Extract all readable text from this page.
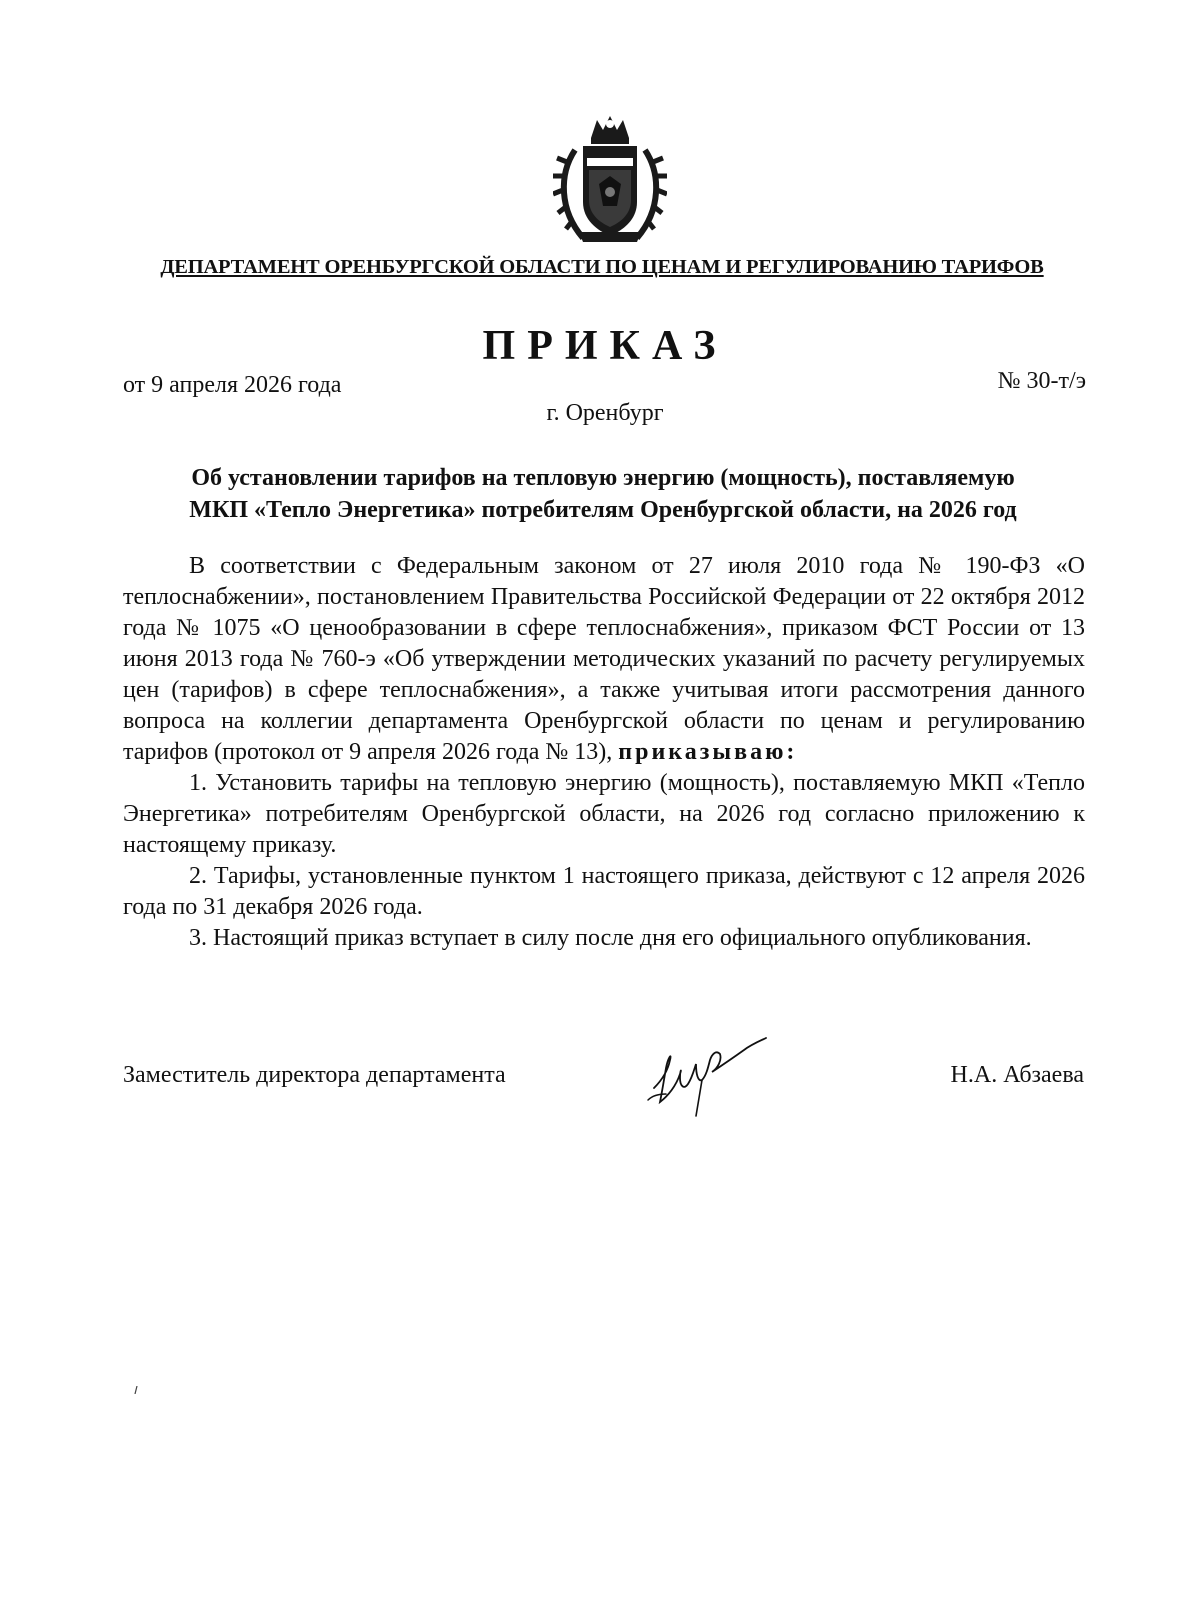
ДЕПАРТАМЕНТ ОРЕНБУРГСКОЙ ОБЛАСТИ ПО ЦЕНАМ И РЕГУЛИРОВАНИЮ ТАРИФОВ
ПРИКАЗ
от 9 апреля 2026 года	№ 30-т/э
г. Оренбург
Об установлении тарифов на тепловую энергию (мощность), поставляемую
МКП «Тепло Энергетика» потребителям Оренбургской области, на 2026 год

В соответствии с Федеральным законом от 27 июля 2010 года № 190-ФЗ «О теплоснабжении», постановлением Правительства Российской Федерации от 22 октября 2012 года № 1075 «О ценообразовании в сфере теплоснабжения», приказом ФСТ России от 13 июня 2013 года № 760-э «Об утверждении методических указаний по расчету регулируемых цен (тарифов) в сфере теплоснабжения», а также учитывая итоги рассмотрения данного вопроса на коллегии департамента Оренбургской области по ценам и регулированию тарифов (протокол от 9 апреля 2026 года № 13), приказываю:

1. Установить тарифы на тепловую энергию (мощность), поставляемую МКП «Тепло Энергетика» потребителям Оренбургской области, на 2026 год согласно приложению к настоящему приказу.

2. Тарифы, установленные пунктом 1 настоящего приказа, действуют с 12 апреля 2026 года по 31 декабря 2026 года.

3. Настоящий приказ вступает в силу после дня его официального опубликования.

Заместитель директора департамента	Н.А. Абзаева
